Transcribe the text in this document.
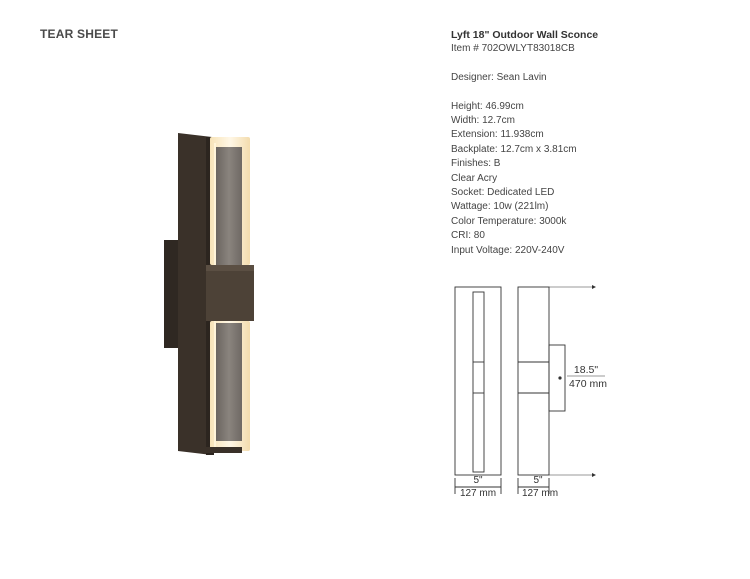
TEAR SHEET	Lyft 18" Outdoor Wall Sconce
Item # 702OWLYT83018CB
Designer: Sean Lavin
Height: 46.99cm
Width: 12.7cm
Extension: 11.938cm
Backplate: 12.7cm x 3.81cm
Finishes: B
Clear Acry
Socket: Dedicated LED
Wattage: 10w (221lm)
Color Temperature: 3000k
CRI: 80
Input Voltage: 220V-240V
18.5"
470 mm
5"
127 mm
5"
127 mm
